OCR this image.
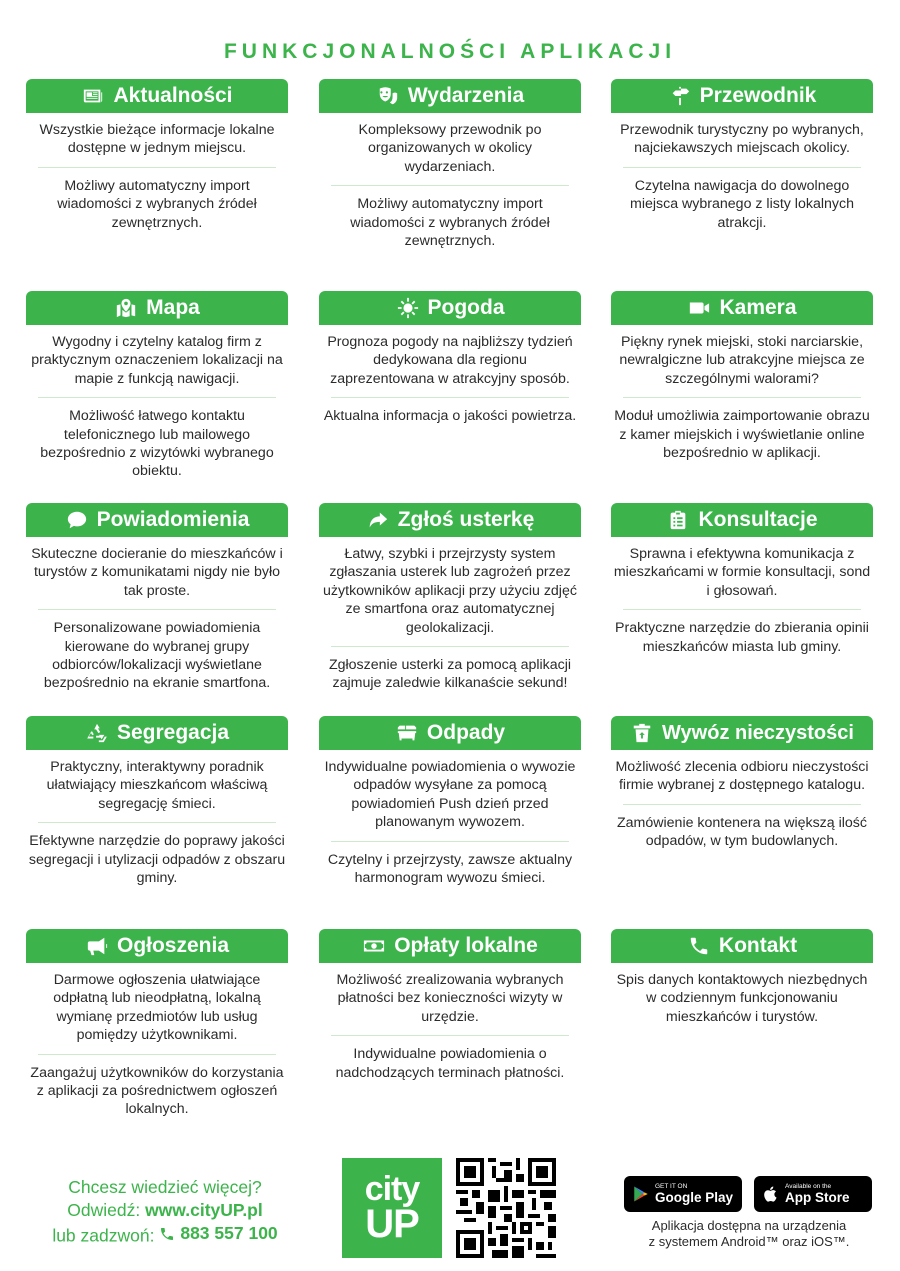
FUNKCJONALNOŚCI APLIKACJI
Aktualności
Wszystkie bieżące informacje lokalne dostępne w jednym miejscu.
Możliwy automatyczny import wiadomości z wybranych źródeł zewnętrznych.
Wydarzenia
Kompleksowy przewodnik po organizowanych w okolicy wydarzeniach.
Możliwy automatyczny import wiadomości z wybranych źródeł zewnętrznych.
Przewodnik
Przewodnik turystyczny po wybranych, najciekawszych miejscach okolicy.
Czytelna nawigacja do dowolnego miejsca wybranego z listy lokalnych atrakcji.
Mapa
Wygodny i czytelny katalog firm z praktycznym oznaczeniem lokalizacji na mapie z funkcją nawigacji.
Możliwość łatwego kontaktu telefonicznego lub mailowego bezpośrednio z wizytówki wybranego obiektu.
Pogoda
Prognoza pogody na najbliższy tydzień dedykowana dla regionu zaprezentowana w atrakcyjny sposób.
Aktualna informacja o jakości powietrza.
Kamera
Piękny rynek miejski, stoki narciarskie, newralgiczne lub atrakcyjne miejsca ze szczególnymi walorami?
Moduł umożliwia zaimportowanie obrazu z kamer miejskich i wyświetlanie online bezpośrednio w aplikacji.
Powiadomienia
Skuteczne docieranie do mieszkańców i turystów z komunikatami nigdy nie było tak proste.
Personalizowane powiadomienia kierowane do wybranej grupy odbiorców/lokalizacji wyświetlane bezpośrednio na ekranie smartfona.
Zgłoś usterkę
Łatwy, szybki i przejrzysty system zgłaszania usterek lub zagrożeń przez użytkowników aplikacji przy użyciu zdjęć ze smartfona oraz automatycznej geolokalizacji.
Zgłoszenie usterki za pomocą aplikacji zajmuje zaledwie kilkanaście sekund!
Konsultacje
Sprawna i efektywna komunikacja z mieszkańcami w formie konsultacji, sond i głosowań.
Praktyczne narzędzie do zbierania opinii mieszkańców miasta lub gminy.
Segregacja
Praktyczny, interaktywny poradnik ułatwiający mieszkańcom właściwą segregację śmieci.
Efektywne narzędzie do poprawy jakości segregacji i utylizacji odpadów z obszaru gminy.
Odpady
Indywidualne powiadomienia o wywozie odpadów wysyłane za pomocą powiadomień Push dzień przed planowanym wywozem.
Czytelny i przejrzysty, zawsze aktualny harmonogram wywozu śmieci.
Wywóz nieczystości
Możliwość zlecenia odbioru nieczystości firmie wybranej z dostępnego katalogu.
Zamówienie kontenera na większą ilość odpadów, w tym budowlanych.
Ogłoszenia
Darmowe ogłoszenia ułatwiające odpłatną lub nieodpłatną, lokalną wymianę przedmiotów lub usług pomiędzy użytkownikami.
Zaangażuj użytkowników do korzystania z aplikacji za pośrednictwem ogłoszeń lokalnych.
Opłaty lokalne
Możliwość zrealizowania wybranych płatności bez konieczności wizyty w urzędzie.
Indywidualne powiadomienia o nadchodzących terminach płatności.
Kontakt
Spis danych kontaktowych niezbędnych w codziennym funkcjonowaniu mieszkańców i turystów.
Chcesz wiedzieć więcej?
Odwiedź: www.cityUP.pl
lub zadzwoń: 883 557 100
city
UP
GET IT ON
Google Play
Available on the
App Store
Aplikacja dostępna na urządzenia
z systemem Android™ oraz iOS™.
